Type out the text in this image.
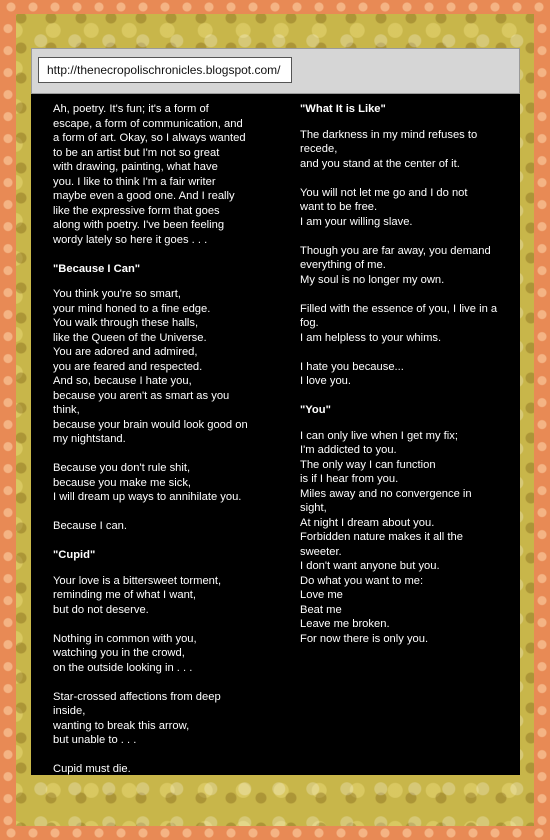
http://thenecropolischronicles.blogspot.com/

Ah, poetry. It's fun; it's a form of
escape, a form of communication, and
a form of art. Okay, so I always wanted
to be an artist but I'm not so great
with drawing, painting, what have
you. I like to think I'm a fair writer
maybe even a good one. And I really
like the expressive form that goes
along with poetry. I've been feeling
wordy lately so here it goes . . .

"Because I Can"

You think you're so smart,
your mind honed to a fine edge.
You walk through these halls,
like the Queen of the Universe.
You are adored and admired,
you are feared and respected.
And so, because I hate you,
because you aren't as smart as you
think,
because your brain would look good on
my nightstand.

Because you don't rule shit,
because you make me sick,
I will dream up ways to annihilate you.

Because I can.

"Cupid"

Your love is a bittersweet torment,
reminding me of what I want,
but do not deserve.

Nothing in common with you,
watching you in the crowd,
on the outside looking in . . .

Star-crossed affections from deep
inside,
wanting to break this arrow,
but unable to . . .

Cupid must die.

"What It is Like"

The darkness in my mind refuses to
recede,
and you stand at the center of it.

You will not let me go and I do not
want to be free.
I am your willing slave.

Though you are far away, you demand
everything of me.
My soul is no longer my own.

Filled with the essence of you, I live in a
fog.
I am helpless to your whims.

I hate you because...
I love you.

"You"

I can only live when I get my fix;
I'm addicted to you.
The only way I can function
is if I hear from you.
Miles away and no convergence in
sight,
At night I dream about you.
Forbidden nature makes it all the
sweeter.
I don't want anyone but you.
Do what you want to me:
Love me
Beat me
Leave me broken.
For now there is only you.
